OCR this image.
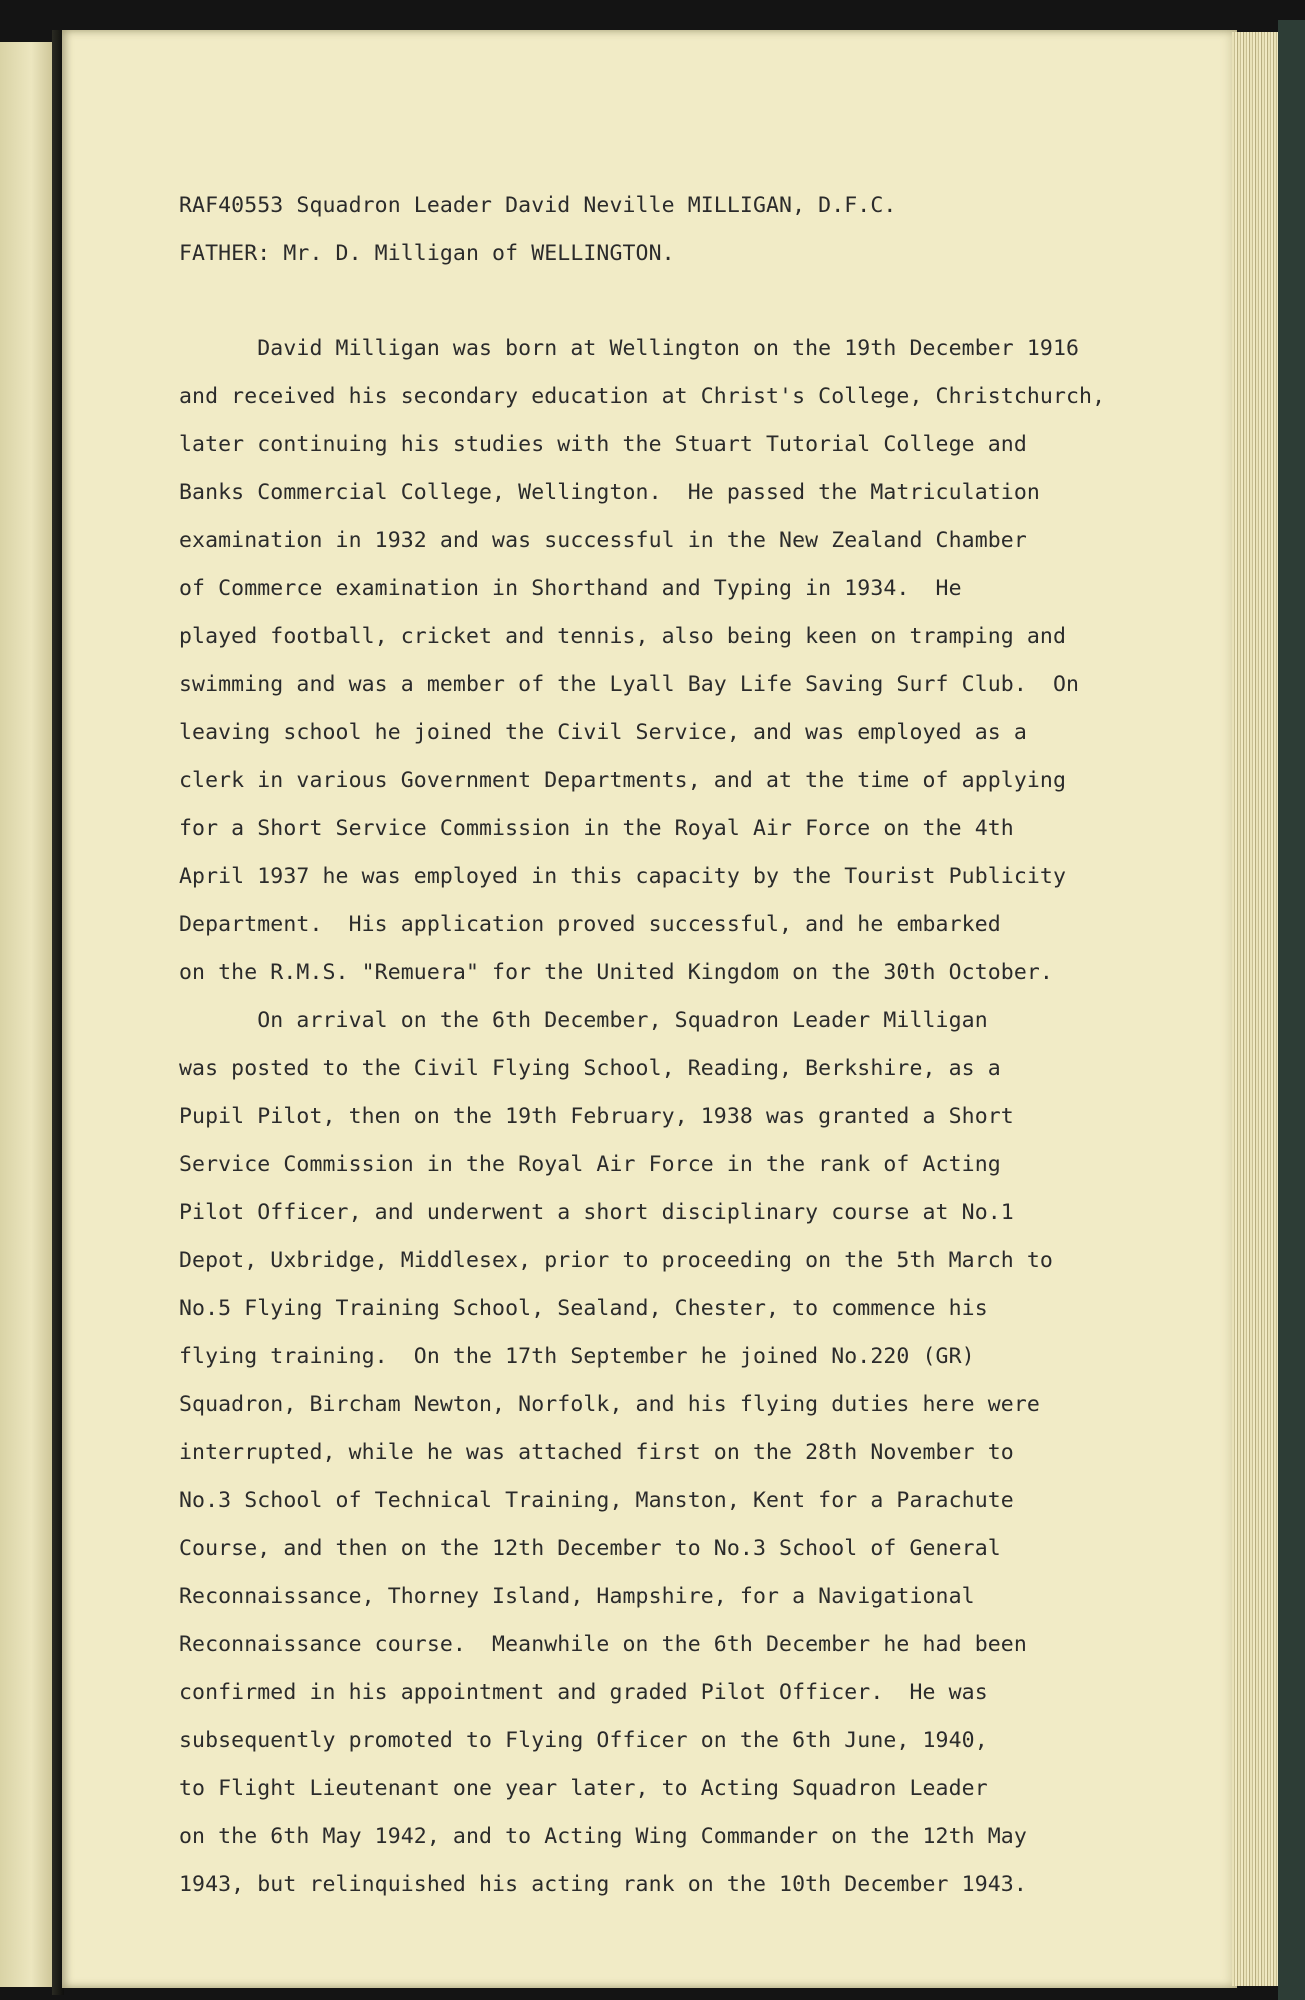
RAF40553 Squadron Leader David Neville MILLIGAN, D.F.C.

FATHER: Mr. D. Milligan of WELLINGTON.

David Milligan was born at Wellington on the 19th December 1916
and received his secondary education at Christ's College, Christchurch,
later continuing his studies with the Stuart Tutorial College and
Banks Commercial College, Wellington.  He passed the Matriculation
examination in 1932 and was successful in the New Zealand Chamber
of Commerce examination in Shorthand and Typing in 1934.  He
played football, cricket and tennis, also being keen on tramping and
swimming and was a member of the Lyall Bay Life Saving Surf Club.  On
leaving school he joined the Civil Service, and was employed as a
clerk in various Government Departments, and at the time of applying
for a Short Service Commission in the Royal Air Force on the 4th
April 1937 he was employed in this capacity by the Tourist Publicity
Department.  His application proved successful, and he embarked
on the R.M.S. "Remuera" for the United Kingdom on the 30th October.
On arrival on the 6th December, Squadron Leader Milligan
was posted to the Civil Flying School, Reading, Berkshire, as a
Pupil Pilot, then on the 19th February, 1938 was granted a Short
Service Commission in the Royal Air Force in the rank of Acting
Pilot Officer, and underwent a short disciplinary course at No.1
Depot, Uxbridge, Middlesex, prior to proceeding on the 5th March to
No.5 Flying Training School, Sealand, Chester, to commence his
flying training.  On the 17th September he joined No.220 (GR)
Squadron, Bircham Newton, Norfolk, and his flying duties here were
interrupted, while he was attached first on the 28th November to
No.3 School of Technical Training, Manston, Kent for a Parachute
Course, and then on the 12th December to No.3 School of General
Reconnaissance, Thorney Island, Hampshire, for a Navigational
Reconnaissance course.  Meanwhile on the 6th December he had been
confirmed in his appointment and graded Pilot Officer.  He was
subsequently promoted to Flying Officer on the 6th June, 1940,
to Flight Lieutenant one year later, to Acting Squadron Leader
on the 6th May 1942, and to Acting Wing Commander on the 12th May
1943, but relinquished his acting rank on the 10th December 1943.
